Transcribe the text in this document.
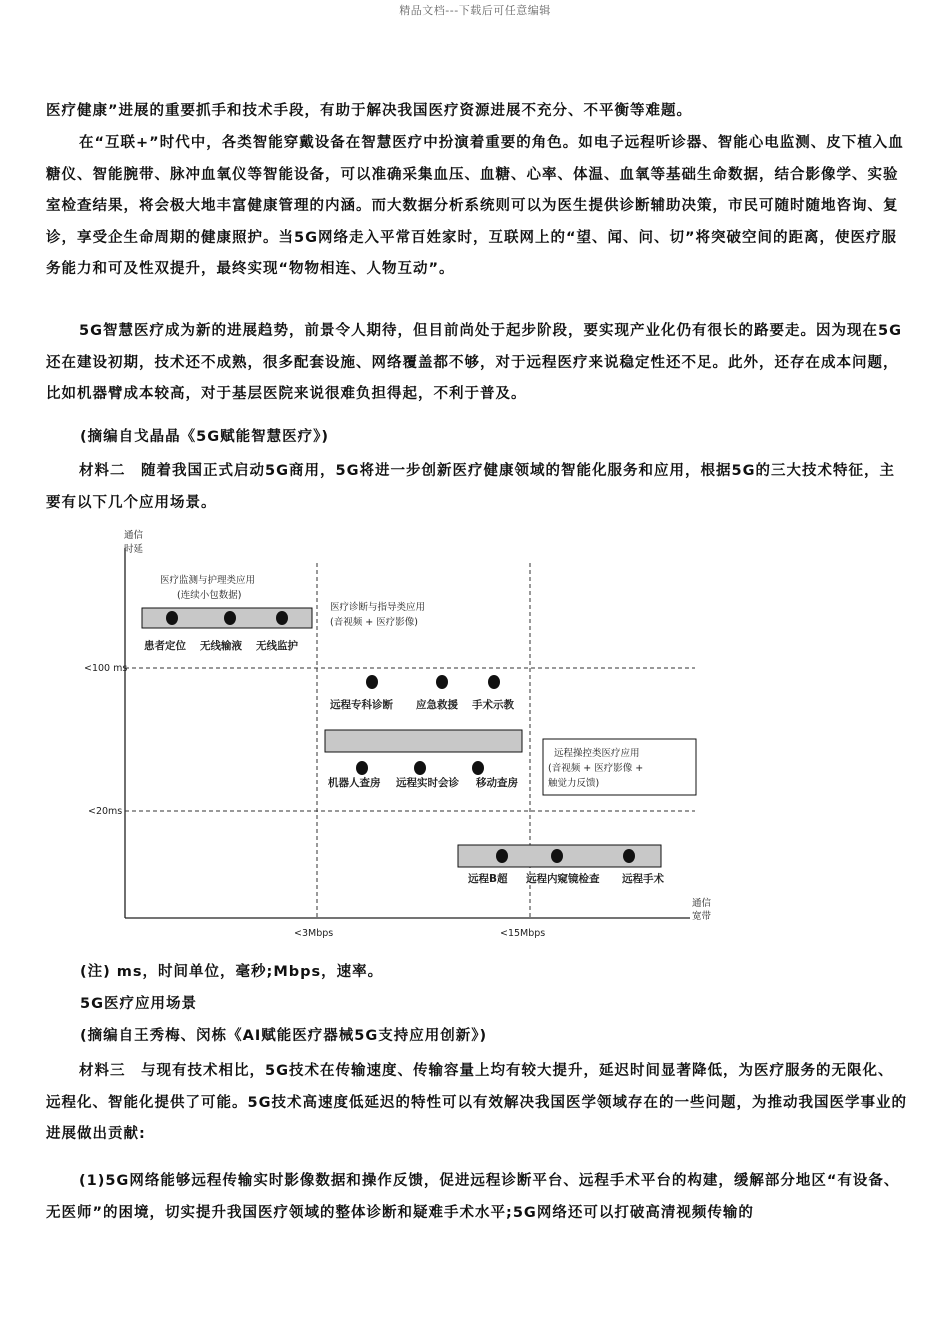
精品文档---下载后可任意编辑

医疗健康”进展的重要抓手和技术手段，有助于解决我国医疗资源进展不充分、不平衡等难题。

在“互联+”时代中，各类智能穿戴设备在智慧医疗中扮演着重要的角色。如电子远程听诊器、智能心电监测、皮下植入血糖仪、智能腕带、脉冲血氧仪等智能设备，可以准确采集血压、血糖、心率、体温、血氧等基础生命数据，结合影像学、实验室检查结果，将会极大地丰富健康管理的内涵。而大数据分析系统则可以为医生提供诊断辅助决策，市民可随时随地咨询、复诊，享受企生命周期的健康照护。当5G网络走入平常百姓家时，互联网上的“望、闻、问、切”将突破空间的距离，使医疗服务能力和可及性双提升，最终实现“物物相连、人物互动”。

5G智慧医疗成为新的进展趋势，前景令人期待，但目前尚处于起步阶段，要实现产业化仍有很长的路要走。因为现在5G还在建设初期，技术还不成熟，很多配套设施、网络覆盖都不够，对于远程医疗来说稳定性还不足。此外，还存在成本问题，比如机器臂成本较高，对于基层医院来说很难负担得起，不利于普及。

(摘编自戈晶晶《5G赋能智慧医疗》)

材料二　随着我国正式启动5G商用，5G将进一步创新医疗健康领域的智能化服务和应用，根据5G的三大技术特征，主要有以下几个应用场景。

通信
时延
通信
宽带
<100 ms
<20ms
<3Mbps	<15Mbps
医疗监测与护理类应用
(连续小包数据)
患者定位 无线输液 无线监护
医疗诊断与指导类应用
(音视频 + 医疗影像)
远程专科诊断 应急救援 手术示教
机器人查房 远程实时会诊 移动查房
远程操控类医疗应用
(音视频 + 医疗影像 +
触觉力反馈)
远程B超 远程内窥镜检查 远程手术
(注) ms，时间单位，毫秒;Mbps，速率。
5G医疗应用场景
(摘编自王秀梅、闵栋《AI赋能医疗器械5G支持应用创新》)

材料三　与现有技术相比，5G技术在传输速度、传输容量上均有较大提升，延迟时间显著降低，为医疗服务的无限化、远程化、智能化提供了可能。5G技术高速度低延迟的特性可以有效解决我国医学领域存在的一些问题，为推动我国医学事业的进展做出贡献:

(1)5G网络能够远程传输实时影像数据和操作反馈，促进远程诊断平台、远程手术平台的构建，缓解部分地区“有设备、无医师”的困境，切实提升我国医疗领域的整体诊断和疑难手术水平;5G网络还可以打破高清视频传输的
